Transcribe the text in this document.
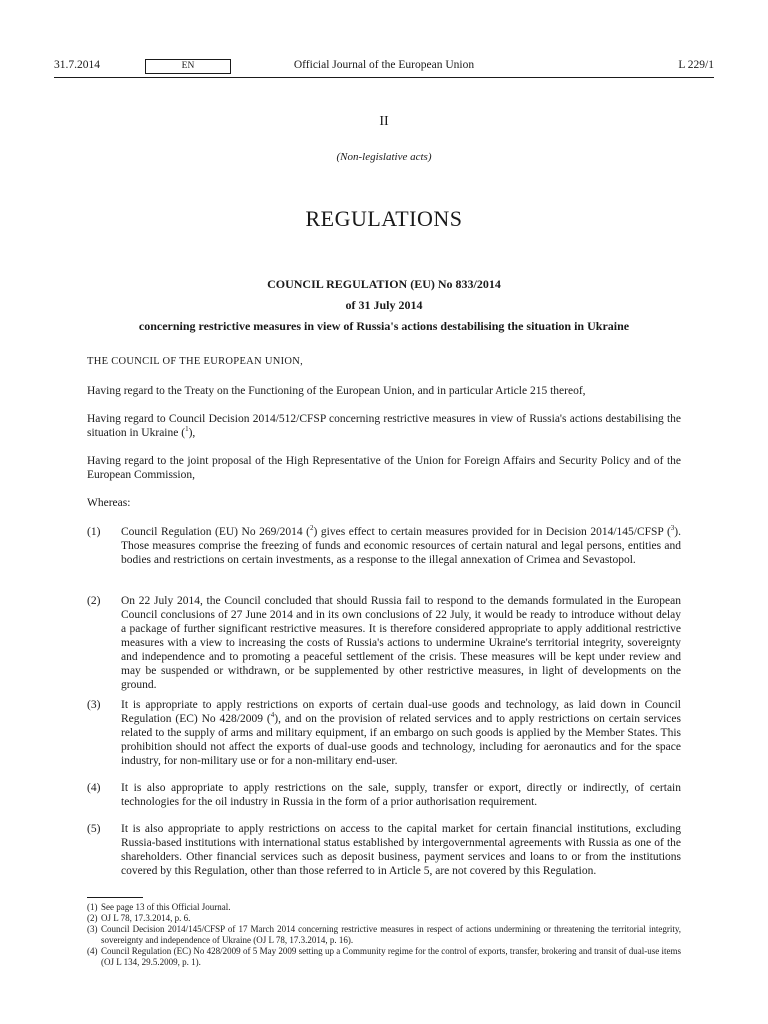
31.7.2014	Official Journal of the European Union
EN	L 229/1
II
(Non-legislative acts)
REGULATIONS
COUNCIL REGULATION (EU) No 833/2014
of 31 July 2014
concerning restrictive measures in view of Russia's actions destabilising the situation in Ukraine
THE COUNCIL OF THE EUROPEAN UNION,
Having regard to the Treaty on the Functioning of the European Union, and in particular Article 215 thereof,
Having regard to Council Decision 2014/512/CFSP concerning restrictive measures in view of Russia's actions destabilising the situation in Ukraine ($^1$),
Having regard to the joint proposal of the High Representative of the Union for Foreign Affairs and Security Policy and of the European Commission,
Whereas:
(1) Council Regulation (EU) No 269/2014 ($^2$) gives effect to certain measures provided for in Decision 2014/145/CFSP ($^3$). Those measures comprise the freezing of funds and economic resources of certain natural and legal persons, entities and bodies and restrictions on certain investments, as a response to the illegal annexation of Crimea and Sevastopol.
(2) On 22 July 2014, the Council concluded that should Russia fail to respond to the demands formulated in the European Council conclusions of 27 June 2014 and in its own conclusions of 22 July, it would be ready to introduce without delay a package of further significant restrictive measures. It is therefore considered appropriate to apply additional restrictive measures with a view to increasing the costs of Russia's actions to undermine Ukraine's territorial integrity, sovereignty and independence and to promoting a peaceful settlement of the crisis. These measures will be kept under review and may be suspended or withdrawn, or be supplemented by other restrictive measures, in light of developments on the ground.
(3) It is appropriate to apply restrictions on exports of certain dual-use goods and technology, as laid down in Council Regulation (EC) No 428/2009 ($^4$), and on the provision of related services and to apply restrictions on certain services related to the supply of arms and military equipment, if an embargo on such goods is applied by the Member States. This prohibition should not affect the exports of dual-use goods and technology, including for aeronautics and for the space industry, for non-military use or for a non-military end-user.
(4) It is also appropriate to apply restrictions on the sale, supply, transfer or export, directly or indirectly, of certain technologies for the oil industry in Russia in the form of a prior authorisation requirement.
(5) It is also appropriate to apply restrictions on access to the capital market for certain financial institutions, excluding Russia-based institutions with international status established by intergovernmental agreements with Russia as one of the shareholders. Other financial services such as deposit business, payment services and loans to or from the institutions covered by this Regulation, other than those referred to in Article 5, are not covered by this Regulation.

(1) See page 13 of this Official Journal.

(2) OJ L 78, 17.3.2014, p. 6.

(3) Council Decision 2014/145/CFSP of 17 March 2014 concerning restrictive measures in respect of actions undermining or threatening the territorial integrity, sovereignty and independence of Ukraine (OJ L 78, 17.3.2014, p. 16).

(4) Council Regulation (EC) No 428/2009 of 5 May 2009 setting up a Community regime for the control of exports, transfer, brokering and transit of dual-use items (OJ L 134, 29.5.2009, p. 1).
